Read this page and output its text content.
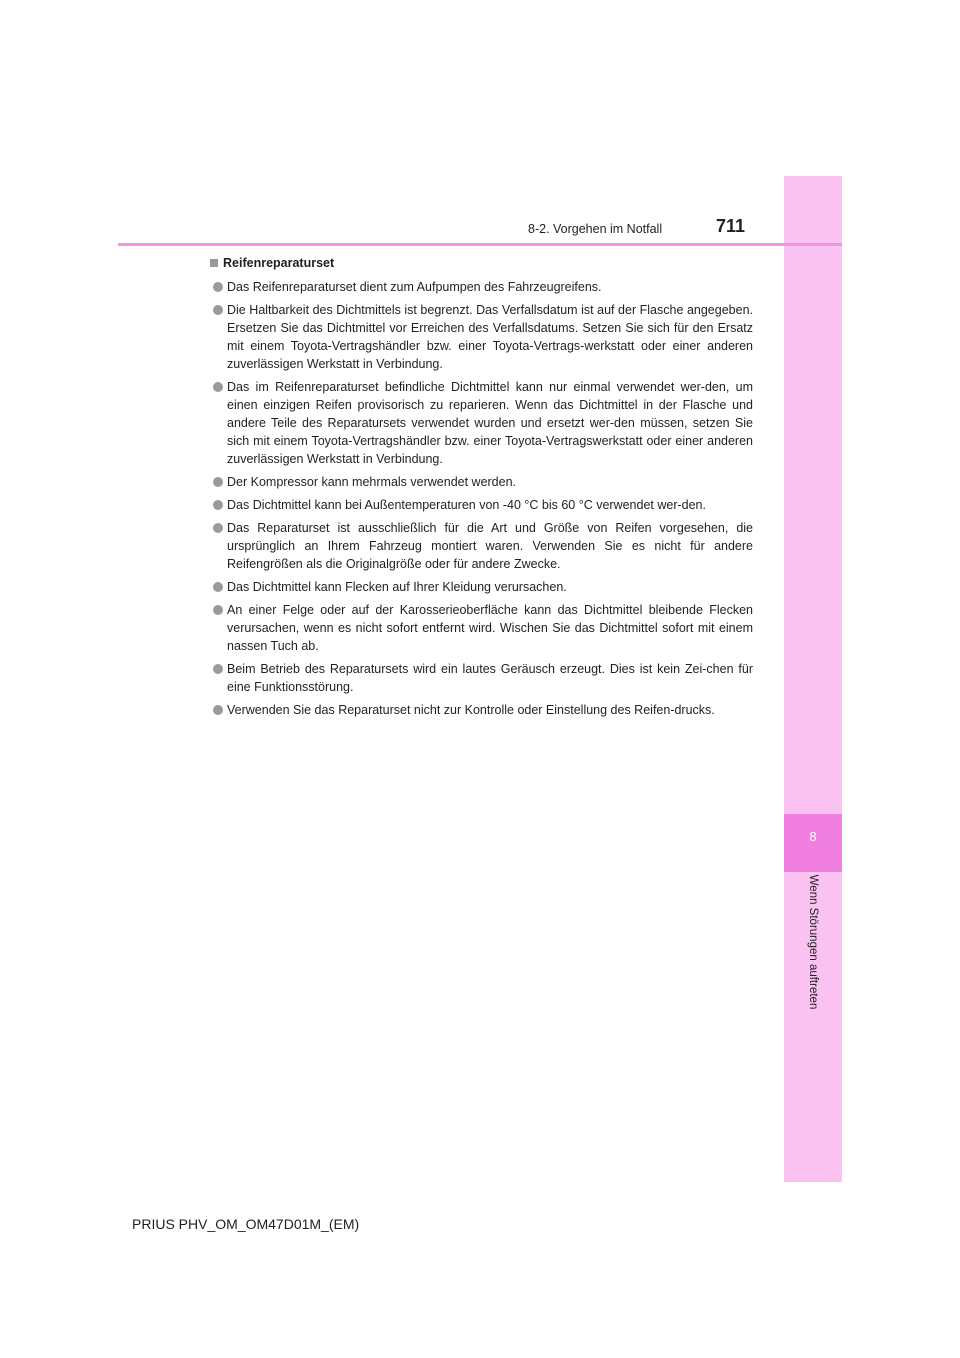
8
Wenn Störungen auftreten
8-2. Vorgehen im Notfall	711
Reifenreparaturset
Das Reifenreparaturset dient zum Aufpumpen des Fahrzeugreifens.
Die Haltbarkeit des Dichtmittels ist begrenzt. Das Verfallsdatum ist auf der Flasche angegeben. Ersetzen Sie das Dichtmittel vor Erreichen des Verfallsdatums. Setzen Sie sich für den Ersatz mit einem Toyota-Vertragshändler bzw. einer Toyota-Vertrags-werkstatt oder einer anderen zuverlässigen Werkstatt in Verbindung.
Das im Reifenreparaturset befindliche Dichtmittel kann nur einmal verwendet wer-den, um einen einzigen Reifen provisorisch zu reparieren. Wenn das Dichtmittel in der Flasche und andere Teile des Reparatursets verwendet wurden und ersetzt wer-den müssen, setzen Sie sich mit einem Toyota-Vertragshändler bzw. einer Toyota-Vertragswerkstatt oder einer anderen zuverlässigen Werkstatt in Verbindung.
Der Kompressor kann mehrmals verwendet werden.
Das Dichtmittel kann bei Außentemperaturen von -40 °C bis 60 °C verwendet wer-den.
Das Reparaturset ist ausschließlich für die Art und Größe von Reifen vorgesehen, die ursprünglich an Ihrem Fahrzeug montiert waren. Verwenden Sie es nicht für andere Reifengrößen als die Originalgröße oder für andere Zwecke.
Das Dichtmittel kann Flecken auf Ihrer Kleidung verursachen.
An einer Felge oder auf der Karosserieoberfläche kann das Dichtmittel bleibende Flecken verursachen, wenn es nicht sofort entfernt wird. Wischen Sie das Dichtmittel sofort mit einem nassen Tuch ab.
Beim Betrieb des Reparatursets wird ein lautes Geräusch erzeugt. Dies ist kein Zei-chen für eine Funktionsstörung.
Verwenden Sie das Reparaturset nicht zur Kontrolle oder Einstellung des Reifen-drucks.
PRIUS PHV_OM_OM47D01M_(EM)
